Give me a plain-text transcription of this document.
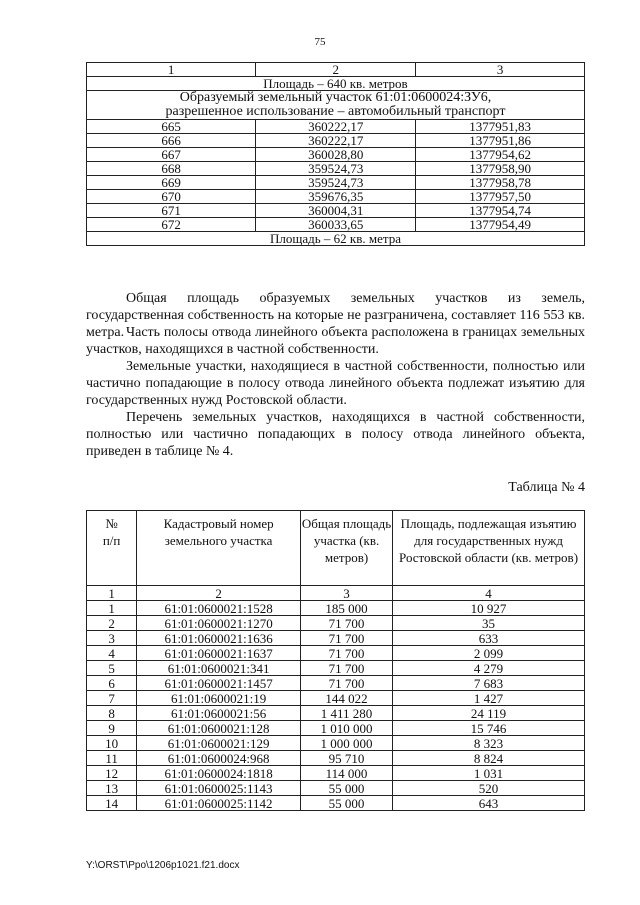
75
1	2	3
Площадь – 640 кв. метров		

Образуемый земельный участок 61:01:0600024:ЗУ6,
разрешенное использование – автомобильный транспорт		

665	360222,17	1377951,83
666	360222,17	1377951,86
667	360028,80	1377954,62
668	359524,73	1377958,90
669	359524,73	1377958,78
670	359676,35	1377957,50
671	360004,31	1377954,74
672	360033,65	1377954,49
Площадь – 62 кв. метра		

Общая площадь образуемых земельных участков из земель, государственная собственность на которые не разграничена, составляет 116 553 кв. метра. Часть полосы отвода линейного объекта расположена в границах земельных участков, находящихся в частной собственности.

Земельные участки, находящиеся в частной собственности, полностью или частично попадающие в полосу отвода линейного объекта подлежат изъятию для государственных нужд Ростовской области.

Перечень земельных участков, находящихся в частной собственности, полностью или частично попадающих в полосу отвода линейного объекта, приведен в таблице № 4.

Таблица № 4
№
п/п	Кадастровый номер земельного участка	Общая площадь участка (кв. метров)	Площадь, подлежащая изъятию для государственных нужд Ростовской области (кв. метров)
1	2	3	4
1	61:01:0600021:1528	185 000	10 927
2	61:01:0600021:1270	71 700	35
3	61:01:0600021:1636	71 700	633
4	61:01:0600021:1637	71 700	2 099
5	61:01:0600021:341	71 700	4 279
6	61:01:0600021:1457	71 700	7 683
7	61:01:0600021:19	144 022	1 427
8	61:01:0600021:56	1 411 280	24 119
9	61:01:0600021:128	1 010 000	15 746
10	61:01:0600021:129	1 000 000	8 323
11	61:01:0600024:968	95 710	8 824
12	61:01:0600024:1818	114 000	1 031
13	61:01:0600025:1143	55 000	520
14	61:01:0600025:1142	55 000	643
Y:\ORST\Ppo\1206p1021.f21.docx
